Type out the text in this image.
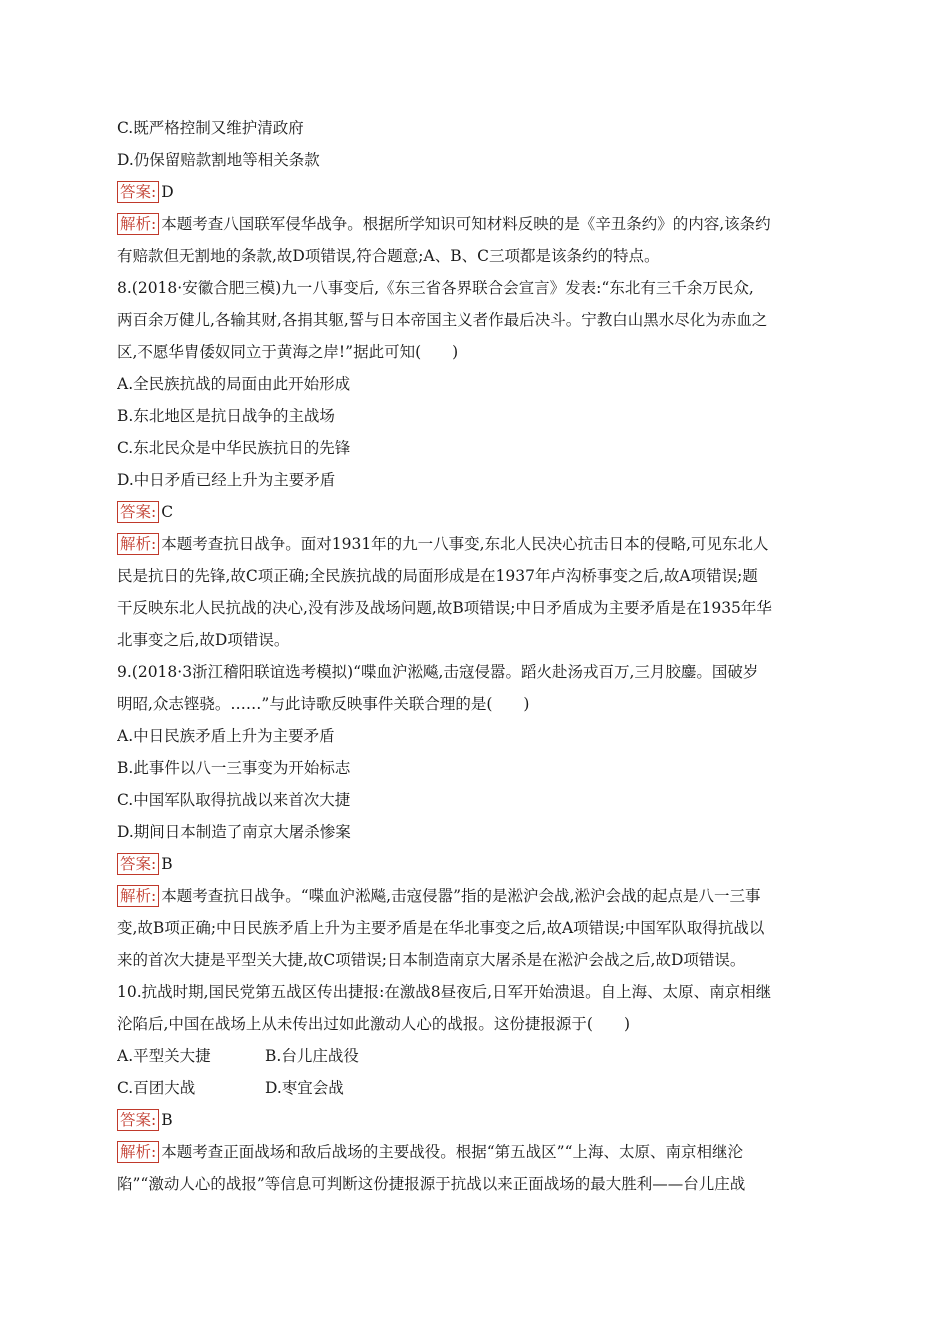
C.既严格控制又维护清政府
D.仍保留赔款割地等相关条款
答案: D
解析: 本题考查八国联军侵华战争。根据所学知识可知材料反映的是《辛丑条约》的内容,该条约
有赔款但无割地的条款,故D项错误,符合题意;A、B、C三项都是该条约的特点。
8.(2018·安徽合肥三模)九一八事变后,《东三省各界联合会宣言》发表:“东北有三千余万民众,
两百余万健儿,各输其财,各捐其躯,誓与日本帝国主义者作最后决斗。宁教白山黑水尽化为赤血之
区,不愿华胄倭奴同立于黄海之岸!”据此可知(　　)
A.全民族抗战的局面由此开始形成
B.东北地区是抗日战争的主战场
C.东北民众是中华民族抗日的先锋
D.中日矛盾已经上升为主要矛盾
答案: C
解析: 本题考查抗日战争。面对1931年的九一八事变,东北人民决心抗击日本的侵略,可见东北人
民是抗日的先锋,故C项正确;全民族抗战的局面形成是在1937年卢沟桥事变之后,故A项错误;题
干反映东北人民抗战的决心,没有涉及战场问题,故B项错误;中日矛盾成为主要矛盾是在1935年华
北事变之后,故D项错误。
9.(2018·3浙江稽阳联谊选考模拟)“喋血沪淞飚,击寇侵嚣。蹈火赴汤戎百万,三月胶鏖。国破岁
明昭,众志铿骁。……”与此诗歌反映事件关联合理的是(　　)
A.中日民族矛盾上升为主要矛盾
B.此事件以八一三事变为开始标志
C.中国军队取得抗战以来首次大捷
D.期间日本制造了南京大屠杀惨案
答案: B
解析: 本题考查抗日战争。“喋血沪淞飚,击寇侵嚣”指的是淞沪会战,淞沪会战的起点是八一三事
变,故B项正确;中日民族矛盾上升为主要矛盾是在华北事变之后,故A项错误;中国军队取得抗战以
来的首次大捷是平型关大捷,故C项错误;日本制造南京大屠杀是在淞沪会战之后,故D项错误。
10.抗战时期,国民党第五战区传出捷报:在激战8昼夜后,日军开始溃退。自上海、太原、南京相继
沦陷后,中国在战场上从未传出过如此激动人心的战报。这份捷报源于(　　)
A.平型关大捷	B.台儿庄战役
C.百团大战	D.枣宜会战
答案: B
解析: 本题考查正面战场和敌后战场的主要战役。根据“第五战区”“上海、太原、南京相继沦
陷”“激动人心的战报”等信息可判断这份捷报源于抗战以来正面战场的最大胜利——台儿庄战
